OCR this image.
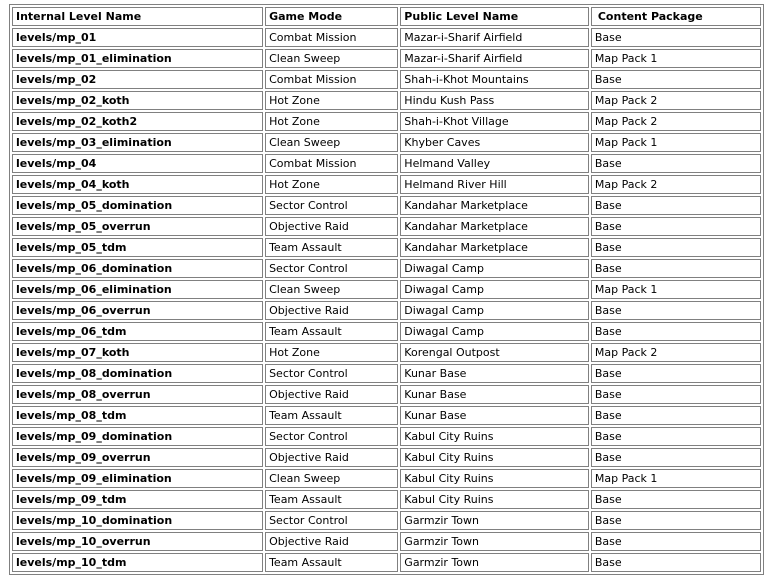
Internal Level Name	Game Mode	Public Level Name	Content Package
levels/mp_01	Combat Mission	Mazar-i-Sharif Airfield	Base
levels/mp_01_elimination	Clean Sweep	Mazar-i-Sharif Airfield	Map Pack 1
levels/mp_02	Combat Mission	Shah-i-Khot Mountains	Base
levels/mp_02_koth	Hot Zone	Hindu Kush Pass	Map Pack 2
levels/mp_02_koth2	Hot Zone	Shah-i-Khot Village	Map Pack 2
levels/mp_03_elimination	Clean Sweep	Khyber Caves	Map Pack 1
levels/mp_04	Combat Mission	Helmand Valley	Base
levels/mp_04_koth	Hot Zone	Helmand River Hill	Map Pack 2
levels/mp_05_domination	Sector Control	Kandahar Marketplace	Base
levels/mp_05_overrun	Objective Raid	Kandahar Marketplace	Base
levels/mp_05_tdm	Team Assault	Kandahar Marketplace	Base
levels/mp_06_domination	Sector Control	Diwagal Camp	Base
levels/mp_06_elimination	Clean Sweep	Diwagal Camp	Map Pack 1
levels/mp_06_overrun	Objective Raid	Diwagal Camp	Base
levels/mp_06_tdm	Team Assault	Diwagal Camp	Base
levels/mp_07_koth	Hot Zone	Korengal Outpost	Map Pack 2
levels/mp_08_domination	Sector Control	Kunar Base	Base
levels/mp_08_overrun	Objective Raid	Kunar Base	Base
levels/mp_08_tdm	Team Assault	Kunar Base	Base
levels/mp_09_domination	Sector Control	Kabul City Ruins	Base
levels/mp_09_overrun	Objective Raid	Kabul City Ruins	Base
levels/mp_09_elimination	Clean Sweep	Kabul City Ruins	Map Pack 1
levels/mp_09_tdm	Team Assault	Kabul City Ruins	Base
levels/mp_10_domination	Sector Control	Garmzir Town	Base
levels/mp_10_overrun	Objective Raid	Garmzir Town	Base
levels/mp_10_tdm	Team Assault	Garmzir Town	Base
